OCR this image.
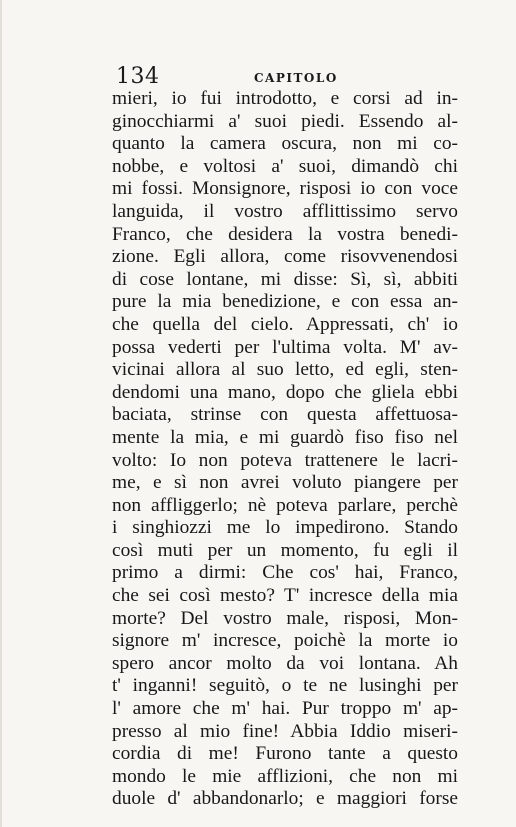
134	CAPITOLO
mieri, io fui introdotto, e corsi ad in-
ginocchiarmi a' suoi piedi. Essendo al-
quanto la camera oscura, non mi co-
nobbe, e voltosi a' suoi, dimandò chi
mi fossi. Monsignore, risposi io con voce
languida, il vostro afflittissimo servo
Franco, che desidera la vostra benedi-
zione. Egli allora, come risovvenendosi
di cose lontane, mi disse: Sì, sì, abbiti
pure la mia benedizione, e con essa an-
che quella del cielo. Appressati, ch' io
possa vederti per l'ultima volta. M' av-
vicinai allora al suo letto, ed egli, sten-
dendomi una mano, dopo che gliela ebbi
baciata, strinse con questa affettuosa-
mente la mia, e mi guardò fiso fiso nel
volto: Io non poteva trattenere le lacri-
me, e sì non avrei voluto piangere per
non affliggerlo; nè poteva parlare, perchè
i singhiozzi me lo impedirono. Stando
così muti per un momento, fu egli il
primo a dirmi: Che cos' hai, Franco,
che sei così mesto? T' incresce della mia
morte? Del vostro male, risposi, Mon-
signore m' incresce, poichè la morte io
spero ancor molto da voi lontana. Ah
t' inganni! seguitò, o te ne lusinghi per
l' amore che m' hai. Pur troppo m' ap-
presso al mio fine! Abbia Iddio miseri-
cordia di me! Furono tante a questo
mondo le mie afflizioni, che non mi
duole d' abbandonarlo; e maggiori forse
